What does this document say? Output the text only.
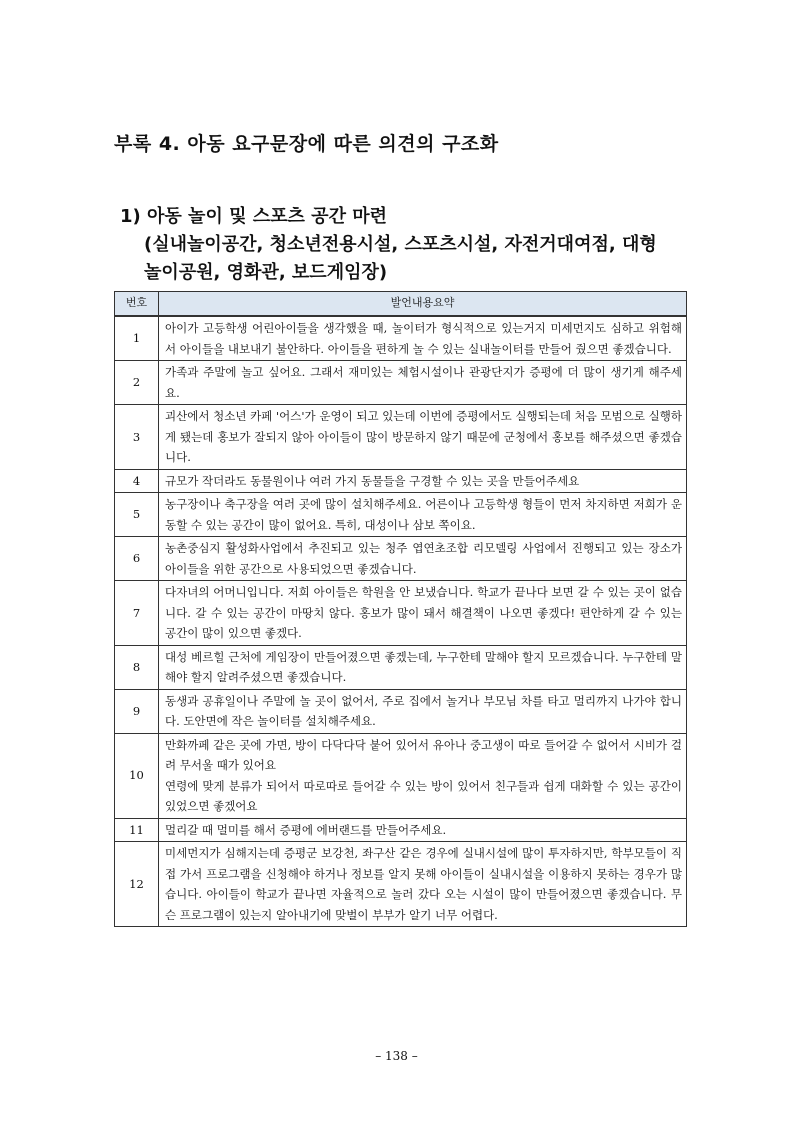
부록 4. 아동 요구문장에 따른 의견의 구조화
1) 아동 놀이 및 스포츠 공간 마련
(실내놀이공간, 청소년전용시설, 스포츠시설, 자전거대여점, 대형
놀이공원, 영화관, 보드게임장)
번호	발언내용요약
1	아이가 고등학생 어린아이들을 생각했을 때, 놀이터가 형식적으로 있는거지 미세먼지도 심하고 위험해서 아이들을 내보내기 불안하다. 아이들을 편하게 놀 수 있는 실내놀이터를 만들어 줬으면 좋겠습니다.

2	가족과 주말에 놀고 싶어요. 그래서 재미있는 체험시설이나 관광단지가 증평에 더 많이 생기게 해주세요.

3	괴산에서 청소년 카페 '어스'가 운영이 되고 있는데 이번에 증평에서도 실행되는데 처음 모범으로 실행하게 됐는데 홍보가 잘되지 않아 아이들이 많이 방문하지 않기 때문에 군청에서 홍보를 해주셨으면 좋겠습니다.

4	규모가 작더라도 동물원이나 여러 가지 동물들을 구경할 수 있는 곳을 만들어주세요

5	농구장이나 축구장을 여러 곳에 많이 설치해주세요. 어른이나 고등학생 형들이 먼저 차지하면 저희가 운동할 수 있는 공간이 많이 없어요. 특히, 대성이나 삼보 쪽이요.

6	농촌중심지 활성화사업에서 추진되고 있는 청주 엽연초조합 리모델링 사업에서 진행되고 있는 장소가 아이들을 위한 공간으로 사용되었으면 좋겠습니다.

7	다자녀의 어머니입니다. 저희 아이들은 학원을 안 보냈습니다. 학교가 끝나다 보면 갈 수 있는 곳이 없습니다. 갈 수 있는 공간이 마땅치 않다. 홍보가 많이 돼서 해결책이 나오면 좋겠다! 편안하게 갈 수 있는 공간이 많이 있으면 좋겠다.

8	대성 베르힐 근처에 게임장이 만들어졌으면 좋겠는데, 누구한테 말해야 할지 모르겠습니다. 누구한테 말해야 할지 알려주셨으면 좋겠습니다.

9	동생과 공휴일이나 주말에 놀 곳이 없어서, 주로 집에서 놀거나 부모님 차를 타고 멀리까지 나가야 합니다. 도안면에 작은 놀이터를 설치해주세요.

10	만화까페 같은 곳에 가면, 방이 다닥다닥 붙어 있어서 유아나 중고생이 따로 들어갈 수 없어서 시비가 걸려 무서울 때가 있어요
연령에 맞게 분류가 되어서 따로따로 들어갈 수 있는 방이 있어서 친구들과 쉽게 대화할 수 있는 공간이 있었으면 좋겠어요

11	멀리갈 때 멀미를 해서 증평에 에버랜드를 만들어주세요.

12	미세먼지가 심해지는데 증평군 보강천, 좌구산 같은 경우에 실내시설에 많이 투자하지만, 학부모들이 직접 가서 프로그램을 신청해야 하거나 정보를 알지 못해 아이들이 실내시설을 이용하지 못하는 경우가 많습니다. 아이들이 학교가 끝나면 자율적으로 놀러 갔다 오는 시설이 많이 만들어졌으면 좋겠습니다. 무슨 프로그램이 있는지 알아내기에 맞벌이 부부가 알기 너무 어렵다.
– 138 –
